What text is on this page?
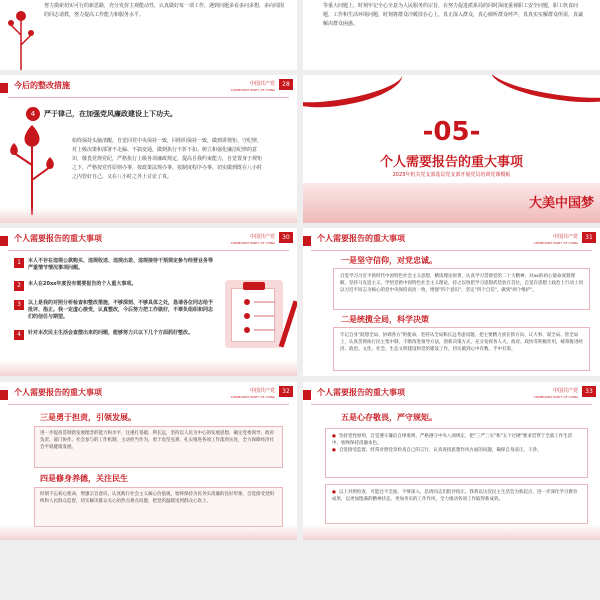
努力摸索切实可行的新思路，充分发挥主观能动性，认真做好每一项工作，遇到问题多看多问多想，多向周围的同志请教，努力提高工作能力和服务水平。
等重大问题上，时刻牢记全心全意为人民服务的宗旨，在努力促进派系局的同时深度重视职工安全问题，职工伙食问题，工作和生活环境问题，时刻将群众冷暖放在心上，真正深入群众，真心倾听群众呼声，真真实实解群众所需，真诚解决群众困惑。
今后的整改措施	中国共产党
COMMUNIST PARTY OF CHINA
28
4	严于律己，在加强党风廉政建设上下功夫。
始终保持头脑清醒，自觉同党中央保持一致，同组织保持一致，做到讲规矩、守纪律，对上级决策和部署不走偏、不搞变通，做到执行不折不扣。树立和强化廉洁纪律的意识，敬畏党规党纪，严格执行上级各项廉政规定，提高自我约束能力，自觉置身于规矩之下，严格按党性原则办事，按政策法规办事，按制度程序办事，切实做到既在八小时之内管好自己、又在八小时之外上讨论了真。
-05-
个人需要报告的重大事项
2023年机关党支部基层党支部开展党员培训党课模板
大美中国梦
个人需要报告的重大事项	中国共产党
COMMUNIST PARTY OF CHINA
30
1	本人不存在违规公款购买、违规收送、违规出差、违规接待干预规定参与经营业务等严重情节情况事项问题。
2	本人在20xx年度没有需要报告的个人重大事项。
3	以上是我的对照分析检查和整改措施，不够深刻、不够具体之处，恳请各位同志给予批评、指正。我一定虚心接受，认真整改，今后努力把工作做好，不辜负组织和同志们的信任与期望。
4	针对本次民主生活会查摆出来的问题，能够努力只以下几个方面抓好整改。
个人需要报告的重大事项	中国共产党
COMMUNIST PARTY OF CHINA
31
一是坚守信仰，对党忠诚。
自觉学习习近平新时代中国特色社会主义思想，精读理论原著，认真学习贯彻党的二十大精神，对xx的初心使命深刻理解，坚持马克思主义、学悟党新中国特色社会主义理论，持之以恒把学习思想武装放在首位，自觉在思想上政治上行动上同以习近平同志为核心的党中央保持高度一致，增强"四个意识"，坚定"四个自信"，做到"两个维护"。
二是统揽全局，科学决策
牢记自身"既想全局、协调各方"的使命，坚持从全局和长远考虑问题，把主要精力放在抓方向、议大事、谋全局、管全局上，认真贯彻执行民主集中制，不断改进领导方法，创新决策方式，充分发挥各人大、政府、政协等积极作用，统筹推进经济、政治、文化、社会、生态文明建设和党的建设工作，切实做到心中有数、手中有策。
个人需要报告的重大事项	中国共产党
COMMUNIST PARTY OF CHINA
32
三是勇于担责，引领发展。
进一步提高贯彻新发展理念的能力和水平，注重打基础、利长远，坚持以人民为中心的发展思想，确定党委领导、政府负责、部门协作、社会参与的工作机制，主动担当作为，勇于攻坚克难，扎实推进各项工作落到实处，全力保障经济社会平稳健康发展。
四是修身养德，关注民生
时刻不忘初心使命，增强宗旨意识，认真践行社会主义核心价值观，始终保持为民务实清廉的良好形象，自觉接受党组织和人民群众监督，切实解决群众关心的热点难点问题，把党的温暖送到群众心坎上。
个人需要报告的重大事项	中国共产党
COMMUNIST PARTY OF CHINA
33
五是心存敬畏，严守规矩。
● 坚持党性原则，自觉遵守廉洁自律准则，严格遵守中央八项规定，把"三严三实"和"五个过硬"要求贯穿于全部工作生活中，始终保持清廉本色。
● 自觉接受监督，经常对照党章检查自己的言行，认真查找思想作风方面的问题，确保自身清正、干净。
● 以上对照检查，可能还不全面，不够深入，恳请同志们批评指正。我将以这次民主生活会为新起点，进一步深化学习教育成果，以更加饱满的精神状态、更加务实的工作作风，全力推动各项工作取得新成效。
